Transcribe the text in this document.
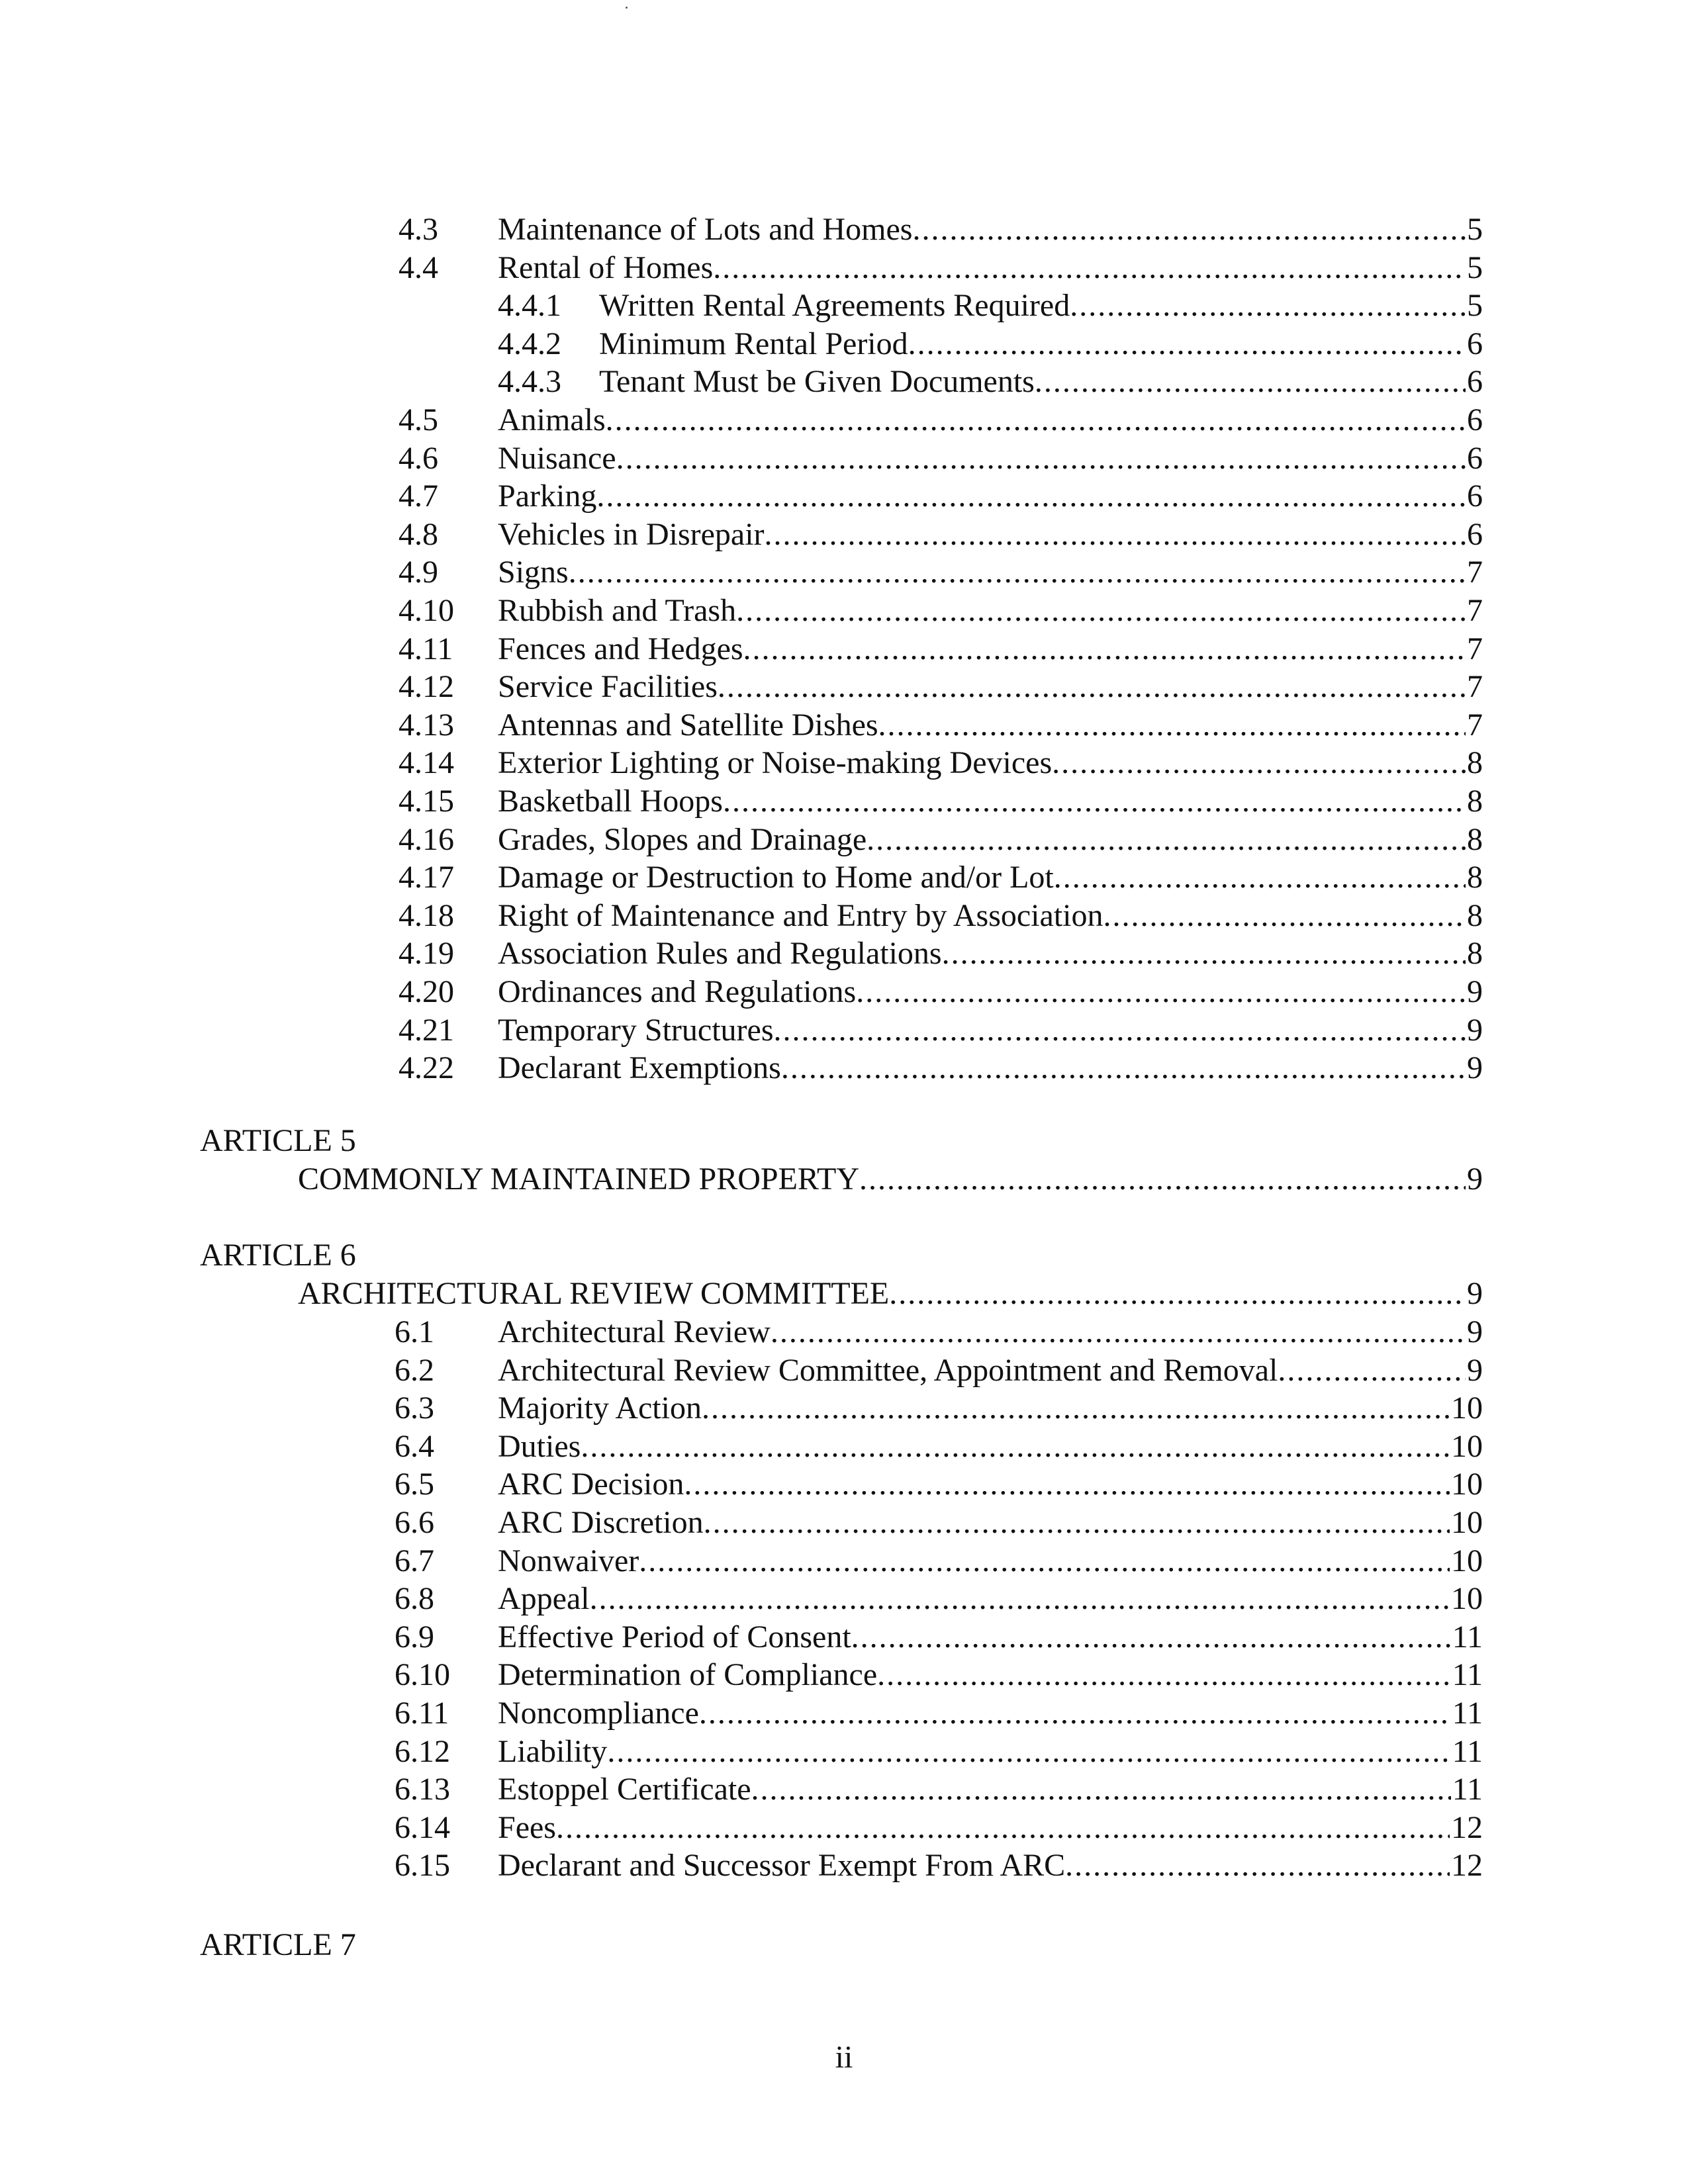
4.3 Maintenance of Lots and Homes . . .	5
4.4 Rental of Homes . . .	5
4.4.1 Written Rental Agreements Required . . .	5
4.4.2 Minimum Rental Period . . .	6
4.4.3 Tenant Must be Given Documents . . .	6
4.5 Animals . . .	6
4.6 Nuisance . . .	6
4.7 Parking . . .	6
4.8 Vehicles in Disrepair . . .	6
4.9 Signs . . .	7
4.10 Rubbish and Trash . . .	7
4.11 Fences and Hedges . . .	7
4.12 Service Facilities . . .	7
4.13 Antennas and Satellite Dishes . . .	7
4.14 Exterior Lighting or Noise-making Devices . . .	8
4.15 Basketball Hoops . . .	8
4.16 Grades, Slopes and Drainage . . .	8
4.17 Damage or Destruction to Home and/or Lot . . .	8
4.18 Right of Maintenance and Entry by Association . . .	8
4.19 Association Rules and Regulations . . .	8
4.20 Ordinances and Regulations . . .	9
4.21 Temporary Structures . . .	9
4.22 Declarant Exemptions . . .	9
ARTICLE 5
COMMONLY MAINTAINED PROPERTY . . .	9
ARTICLE 6
ARCHITECTURAL REVIEW COMMITTEE . . .	9
6.1 Architectural Review . . .	9
6.2 Architectural Review Committee, Appointment and Removal . . .	9
6.3 Majority Action . . .	10
6.4 Duties . . .	10
6.5 ARC Decision . . .	10
6.6 ARC Discretion . . .	10
6.7 Nonwaiver . . .	10
6.8 Appeal . . .	10
6.9 Effective Period of Consent . . .	11
6.10 Determination of Compliance . . .	11
6.11 Noncompliance . . .	11
6.12 Liability . . .	11
6.13 Estoppel Certificate . . .	11
6.14 Fees . . .	12
6.15 Declarant and Successor Exempt From ARC . . .	12
ARTICLE 7
ii
